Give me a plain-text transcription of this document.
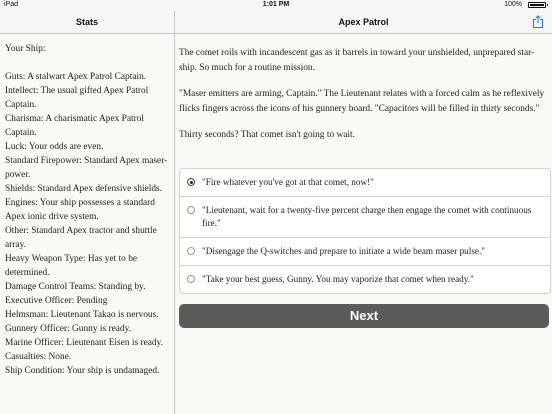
iPad	1:01 PM	100%
Stats	Apex Patrol
Your Ship:
Guts: A stalwart Apex Patrol Captain.
Intellect: The usual gifted Apex Patrol Captain.
Charisma: A charismatic Apex Patrol Captain.
Luck: Your odds are even.
Standard Firepower: Standard Apex maser-power.
Shields: Standard Apex defensive shields.
Engines: Your ship possesses a standard Apex ionic drive system.
Other: Standard Apex tractor and shuttle array.
Heavy Weapon Type: Has yet to be determined.
Damage Control Teams: Standing by.
Executive Officer: Pending
Helmsman: Lieutenant Takao is nervous.
Gunnery Officer: Gunny is ready.
Marine Officer: Lieutenant Eisen is ready.
Casualties: None.
Ship Condition: Your ship is undamaged.

The comet roils with incandescent gas as it barrels in toward your unshielded, unprepared star-ship. So much for a routine mission.

"Maser emitters are arming, Captain." The Lieutenant relates with a forced calm as he reflexively flicks fingers across the icons of his gunnery board. "Capacitors will be filled in thirty seconds."

Thirty seconds? That comet isn't going to wait.

"Fire whatever you've got at that comet, now!"
"Lieutenant, wait for a twenty-five percent charge then engage the comet with continuous fire."
"Disengage the Q-switches and prepare to initiate a wide beam maser pulse."
"Take your best guess, Gunny. You may vaporize that comet when ready."
Next
